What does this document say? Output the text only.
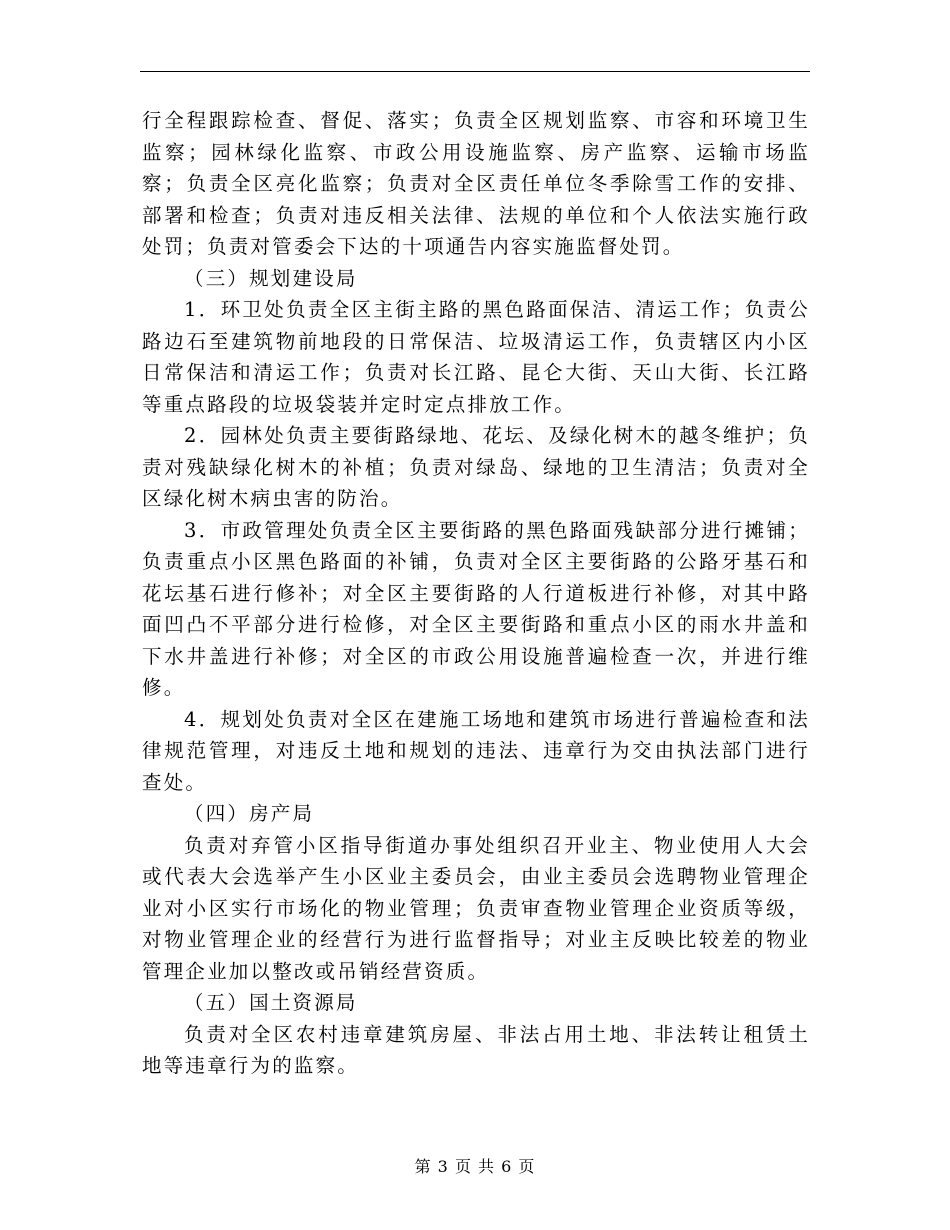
行全程跟踪检查、督促、落实；负责全区规划监察、市容和环境卫生监察；园林绿化监察、市政公用设施监察、房产监察、运输市场监察；负责全区亮化监察；负责对全区责任单位冬季除雪工作的安排、部署和检查；负责对违反相关法律、法规的单位和个人依法实施行政处罚；负责对管委会下达的十项通告内容实施监督处罚。

（三）规划建设局

1．环卫处负责全区主街主路的黑色路面保洁、清运工作；负责公路边石至建筑物前地段的日常保洁、垃圾清运工作，负责辖区内小区日常保洁和清运工作；负责对长江路、昆仑大街、天山大街、长江路等重点路段的垃圾袋装并定时定点排放工作。

2．园林处负责主要街路绿地、花坛、及绿化树木的越冬维护；负责对残缺绿化树木的补植；负责对绿岛、绿地的卫生清洁；负责对全区绿化树木病虫害的防治。

3．市政管理处负责全区主要街路的黑色路面残缺部分进行摊铺；负责重点小区黑色路面的补铺，负责对全区主要街路的公路牙基石和花坛基石进行修补；对全区主要街路的人行道板进行补修，对其中路面凹凸不平部分进行检修，对全区主要街路和重点小区的雨水井盖和下水井盖进行补修；对全区的市政公用设施普遍检查一次，并进行维修。

4．规划处负责对全区在建施工场地和建筑市场进行普遍检查和法律规范管理，对违反土地和规划的违法、违章行为交由执法部门进行查处。

（四）房产局

负责对弃管小区指导街道办事处组织召开业主、物业使用人大会或代表大会选举产生小区业主委员会，由业主委员会选聘物业管理企业对小区实行市场化的物业管理；负责审查物业管理企业资质等级，对物业管理企业的经营行为进行监督指导；对业主反映比较差的物业管理企业加以整改或吊销经营资质。

（五）国土资源局

负责对全区农村违章建筑房屋、非法占用土地、非法转让租赁土地等违章行为的监察。

第 3 页 共 6 页
